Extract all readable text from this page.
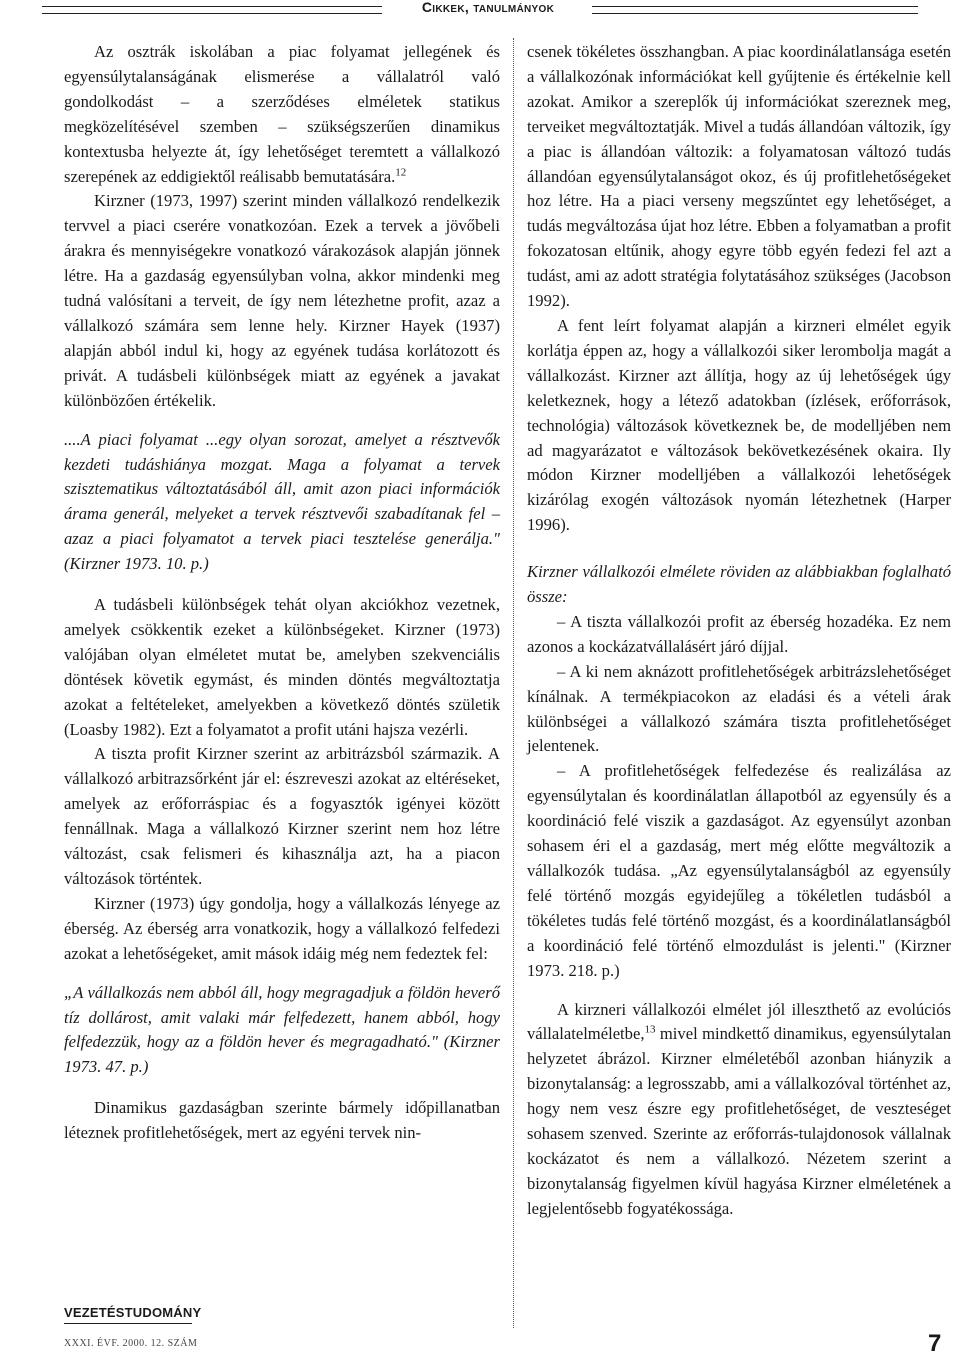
Cikkek, tanulmányok

Az osztrák iskolában a piac folyamat jellegének és egyensúlytalanságának elismerése a vállalatról való gondolkodást – a szerződéses elméletek statikus megközelítésével szemben – szükségszerűen dinamikus kontextusba helyezte át, így lehetőséget teremtett a vállalkozó szerepének az eddigiektől reálisabb bemutatására.$^{12}$

Kirzner (1973, 1997) szerint minden vállalkozó rendelkezik tervvel a piaci cserére vonatkozóan. Ezek a tervek a jövőbeli árakra és mennyiségekre vonatkozó várakozások alapján jönnek létre. Ha a gazdaság egyensúlyban volna, akkor mindenki meg tudná valósítani a terveit, de így nem létezhetne profit, azaz a vállalkozó számára sem lenne hely. Kirzner Hayek (1937) alapján abból indul ki, hogy az egyének tudása korlátozott és privát. A tudásbeli különbségek miatt az egyének a javakat különbözően értékelik.

....A piaci folyamat ...egy olyan sorozat, amelyet a résztvevők kezdeti tudáshiánya mozgat. Maga a folyamat a tervek szisztematikus változtatásából áll, amit azon piaci információk árama generál, melyeket a tervek résztvevői szabadítanak fel – azaz a piaci folyamatot a tervek piaci tesztelése generálja." (Kirzner 1973. 10. p.)

A tudásbeli különbségek tehát olyan akciókhoz vezetnek, amelyek csökkentik ezeket a különbségeket. Kirzner (1973) valójában olyan elméletet mutat be, amelyben szekvenciális döntések követik egymást, és minden döntés megváltoztatja azokat a feltételeket, amelyekben a következő döntés születik (Loasby 1982). Ezt a folyamatot a profit utáni hajsza vezérli.

A tiszta profit Kirzner szerint az arbitrázsból származik. A vállalkozó arbitrazsőrként jár el: észreveszi azokat az eltéréseket, amelyek az erőforráspiac és a fogyasztók igényei között fennállnak. Maga a vállalkozó Kirzner szerint nem hoz létre változást, csak felismeri és kihasználja azt, ha a piacon változások történtek.

Kirzner (1973) úgy gondolja, hogy a vállalkozás lényege az éberség. Az éberség arra vonatkozik, hogy a vállalkozó felfedezi azokat a lehetőségeket, amit mások idáig még nem fedeztek fel:

„A vállalkozás nem abból áll, hogy megragadjuk a földön heverő tíz dollárost, amit valaki már felfedezett, hanem abból, hogy felfedezzük, hogy az a földön hever és megragadható." (Kirzner 1973. 47. p.)

Dinamikus gazdaságban szerinte bármely időpillanatban léteznek profitlehetőségek, mert az egyéni tervek nin-

csenek tökéletes összhangban. A piac koordinálatlansága esetén a vállalkozónak információkat kell gyűjtenie és értékelnie kell azokat. Amikor a szereplők új információkat szereznek meg, terveiket megváltoztatják. Mivel a tudás állandóan változik, így a piac is állandóan változik: a folyamatosan változó tudás állandóan egyensúlytalanságot okoz, és új profitlehetőségeket hoz létre. Ha a piaci verseny megszűntet egy lehetőséget, a tudás megváltozása újat hoz létre. Ebben a folyamatban a profit fokozatosan eltűnik, ahogy egyre több egyén fedezi fel azt a tudást, ami az adott stratégia folytatásához szükséges (Jacobson 1992).

A fent leírt folyamat alapján a kirzneri elmélet egyik korlátja éppen az, hogy a vállalkozói siker lerombolja magát a vállalkozást. Kirzner azt állítja, hogy az új lehetőségek úgy keletkeznek, hogy a létező adatokban (ízlések, erőforrások, technológia) változások következnek be, de modelljében nem ad magyarázatot e változások bekövetkezésének okaira. Ily módon Kirzner modelljében a vállalkozói lehetőségek kizárólag exogén változások nyomán létezhetnek (Harper 1996).

Kirzner vállalkozói elmélete röviden az alábbiakban foglalható össze:

– A tiszta vállalkozói profit az éberség hozadéka. Ez nem azonos a kockázatvállalásért járó díjjal.

– A ki nem aknázott profitlehetőségek arbitrázslehetőséget kínálnak. A termékpiacokon az eladási és a vételi árak különbségei a vállalkozó számára tiszta profitlehetőséget jelentenek.

– A profitlehetőségek felfedezése és realizálása az egyensúlytalan és koordinálatlan állapotból az egyensúly és a koordináció felé viszik a gazdaságot. Az egyensúlyt azonban sohasem éri el a gazdaság, mert még előtte megváltozik a vállalkozók tudása. „Az egyensúlytalanságból az egyensúly felé történő mozgás egyidejűleg a tökéletlen tudásból a tökéletes tudás felé történő mozgást, és a koordinálatlanságból a koordináció felé történő elmozdulást is jelenti." (Kirzner 1973. 218. p.)

A kirzneri vállalkozói elmélet jól illeszthető az evolúciós vállalatelméletbe,$^{13}$ mivel mindkettő dinamikus, egyensúlytalan helyzetet ábrázol. Kirzner elméletéből azonban hiányzik a bizonytalanság: a legrosszabb, ami a vállalkozóval történhet az, hogy nem vesz észre egy profitlehetőséget, de veszteséget sohasem szenved. Szerinte az erőforrás-tulajdonosok vállalnak kockázatot és nem a vállalkozó. Nézetem szerint a bizonytalanság figyelmen kívül hagyása Kirzner elméletének a legjelentősebb fogyatékossága.

VEZETÉSTUDOMÁNY
XXXI. ÉVF. 2000. 12. SZÁM	7
